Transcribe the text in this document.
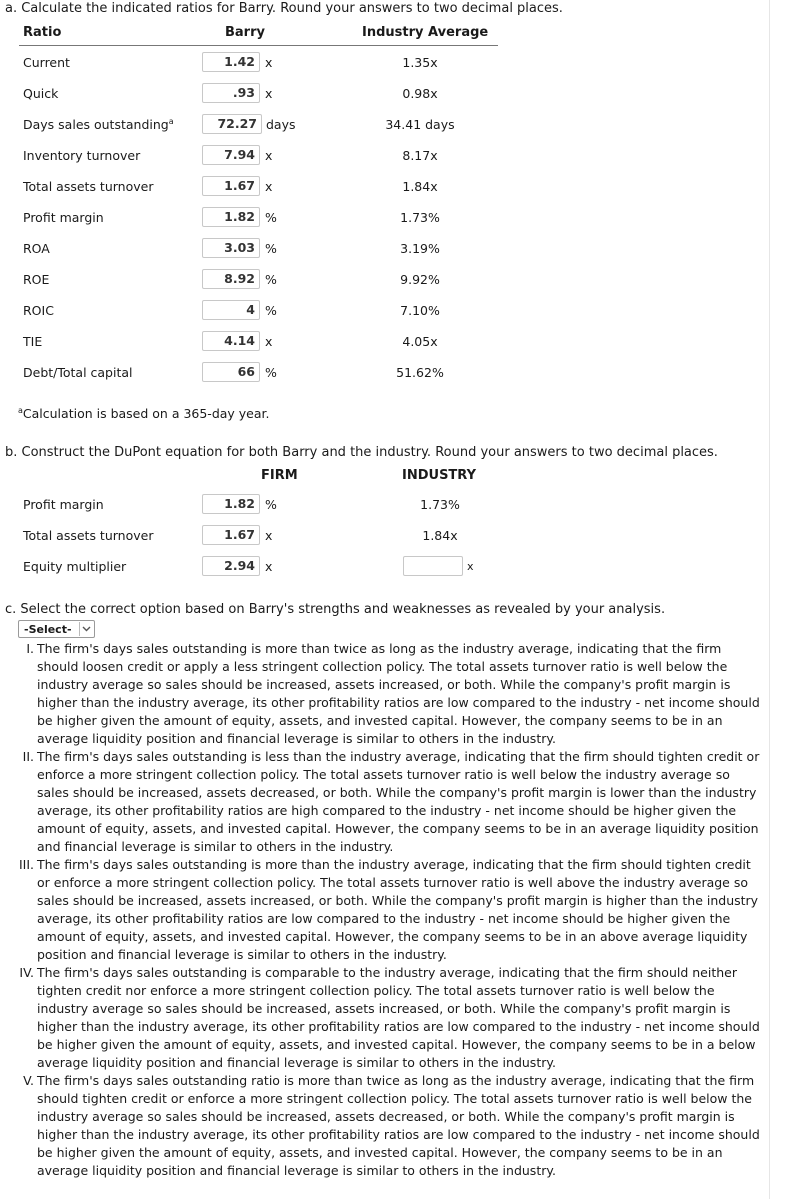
a. Calculate the indicated ratios for Barry. Round your answers to two decimal places.
Ratio	Barry	Industry Average
Current	1.42 x	1.35x
Quick	.93 x	0.98x
Days sales outstanding$^a$	72.27 days	34.41 days
Inventory turnover	7.94 x	8.17x
Total assets turnover	1.67 x	1.84x
Profit margin	1.82 %	1.73%
ROA	3.03 %	3.19%
ROE	8.92 %	9.92%
ROIC	4 %	7.10%
TIE	4.14 x	4.05x
Debt/Total capital	66 %	51.62%
$^a$Calculation is based on a 365-day year.
b. Construct the DuPont equation for both Barry and the industry. Round your answers to two decimal places.
FIRM	INDUSTRY
Profit margin	1.82 %	1.73%
Total assets turnover	1.67 x	1.84x
Equity multiplier	2.94 x	x
c. Select the correct option based on Barry's strengths and weaknesses as revealed by your analysis.
-Select-
I. The firm's days sales outstanding is more than twice as long as the industry average, indicating that the firm
should loosen credit or apply a less stringent collection policy. The total assets turnover ratio is well below the
industry average so sales should be increased, assets increased, or both. While the company's profit margin is
higher than the industry average, its other profitability ratios are low compared to the industry - net income should
be higher given the amount of equity, assets, and invested capital. However, the company seems to be in an
average liquidity position and financial leverage is similar to others in the industry.
II. The firm's days sales outstanding is less than the industry average, indicating that the firm should tighten credit or
enforce a more stringent collection policy. The total assets turnover ratio is well below the industry average so
sales should be increased, assets decreased, or both. While the company's profit margin is lower than the industry
average, its other profitability ratios are high compared to the industry - net income should be higher given the
amount of equity, assets, and invested capital. However, the company seems to be in an average liquidity position
and financial leverage is similar to others in the industry.
III. The firm's days sales outstanding is more than the industry average, indicating that the firm should tighten credit
or enforce a more stringent collection policy. The total assets turnover ratio is well above the industry average so
sales should be increased, assets increased, or both. While the company's profit margin is higher than the industry
average, its other profitability ratios are low compared to the industry - net income should be higher given the
amount of equity, assets, and invested capital. However, the company seems to be in an above average liquidity
position and financial leverage is similar to others in the industry.
IV. The firm's days sales outstanding is comparable to the industry average, indicating that the firm should neither
tighten credit nor enforce a more stringent collection policy. The total assets turnover ratio is well below the
industry average so sales should be increased, assets increased, or both. While the company's profit margin is
higher than the industry average, its other profitability ratios are low compared to the industry - net income should
be higher given the amount of equity, assets, and invested capital. However, the company seems to be in a below
average liquidity position and financial leverage is similar to others in the industry.
V. The firm's days sales outstanding ratio is more than twice as long as the industry average, indicating that the firm
should tighten credit or enforce a more stringent collection policy. The total assets turnover ratio is well below the
industry average so sales should be increased, assets decreased, or both. While the company's profit margin is
higher than the industry average, its other profitability ratios are low compared to the industry - net income should
be higher given the amount of equity, assets, and invested capital. However, the company seems to be in an
average liquidity position and financial leverage is similar to others in the industry.
